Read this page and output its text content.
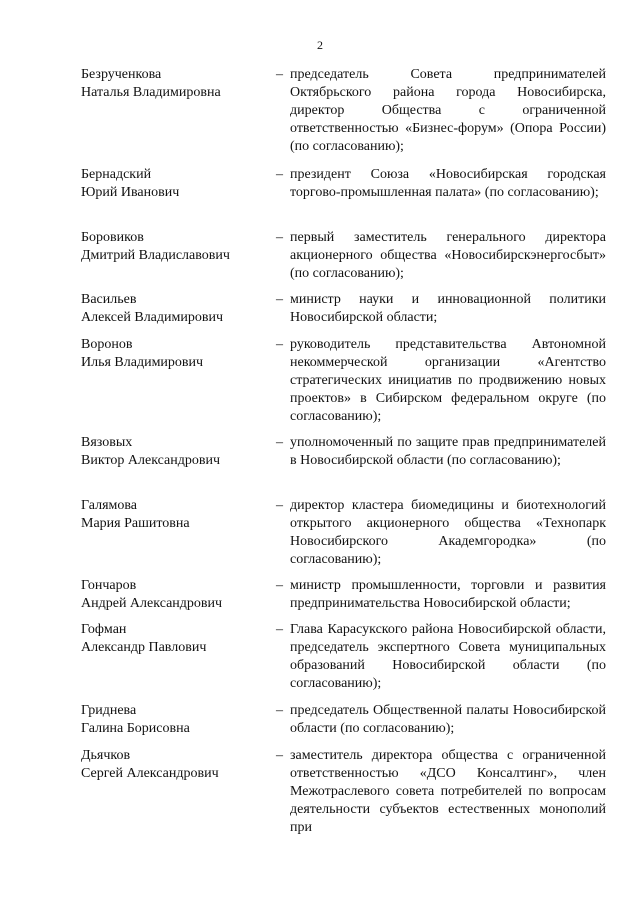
2
Безрученкова
Наталья Владимировна
– председатель Совета предпринимателей Октябрьского района города Новосибирска, директор Общества с ограниченной ответственностью «Бизнес-форум» (Опора России) (по согласованию);
Бернадский
Юрий Иванович
– президент Союза «Новосибирская городская торгово-промышленная палата» (по согласованию);
Боровиков
Дмитрий Владиславович
– первый заместитель генерального директора акционерного общества «Новосибирскэнергосбыт» (по согласованию);
Васильев
Алексей Владимирович
– министр науки и инновационной политики Новосибирской области;
Воронов
Илья Владимирович
– руководитель представительства Автономной некоммерческой организации «Агентство стратегических инициатив по продвижению новых проектов» в Сибирском федеральном округе (по согласованию);
Вязовых
Виктор Александрович
– уполномоченный по защите прав предпринимателей в Новосибирской области (по согласованию);
Галямова
Мария Рашитовна
– директор кластера биомедицины и биотехнологий открытого акционерного общества «Технопарк Новосибирского Академгородка» (по согласованию);
Гончаров
Андрей Александрович
– министр промышленности, торговли и развития предпринимательства Новосибирской области;
Гофман
Александр Павлович
– Глава Карасукского района Новосибирской области, председатель экспертного Совета муниципальных образований Новосибирской области (по согласованию);
Гриднева
Галина Борисовна
– председатель Общественной палаты Новосибирской области (по согласованию);
Дьячков
Сергей Александрович
– заместитель директора общества с ограниченной ответственностью «ДСО Консалтинг», член Межотраслевого совета потребителей по вопросам деятельности субъектов естественных монополий при
